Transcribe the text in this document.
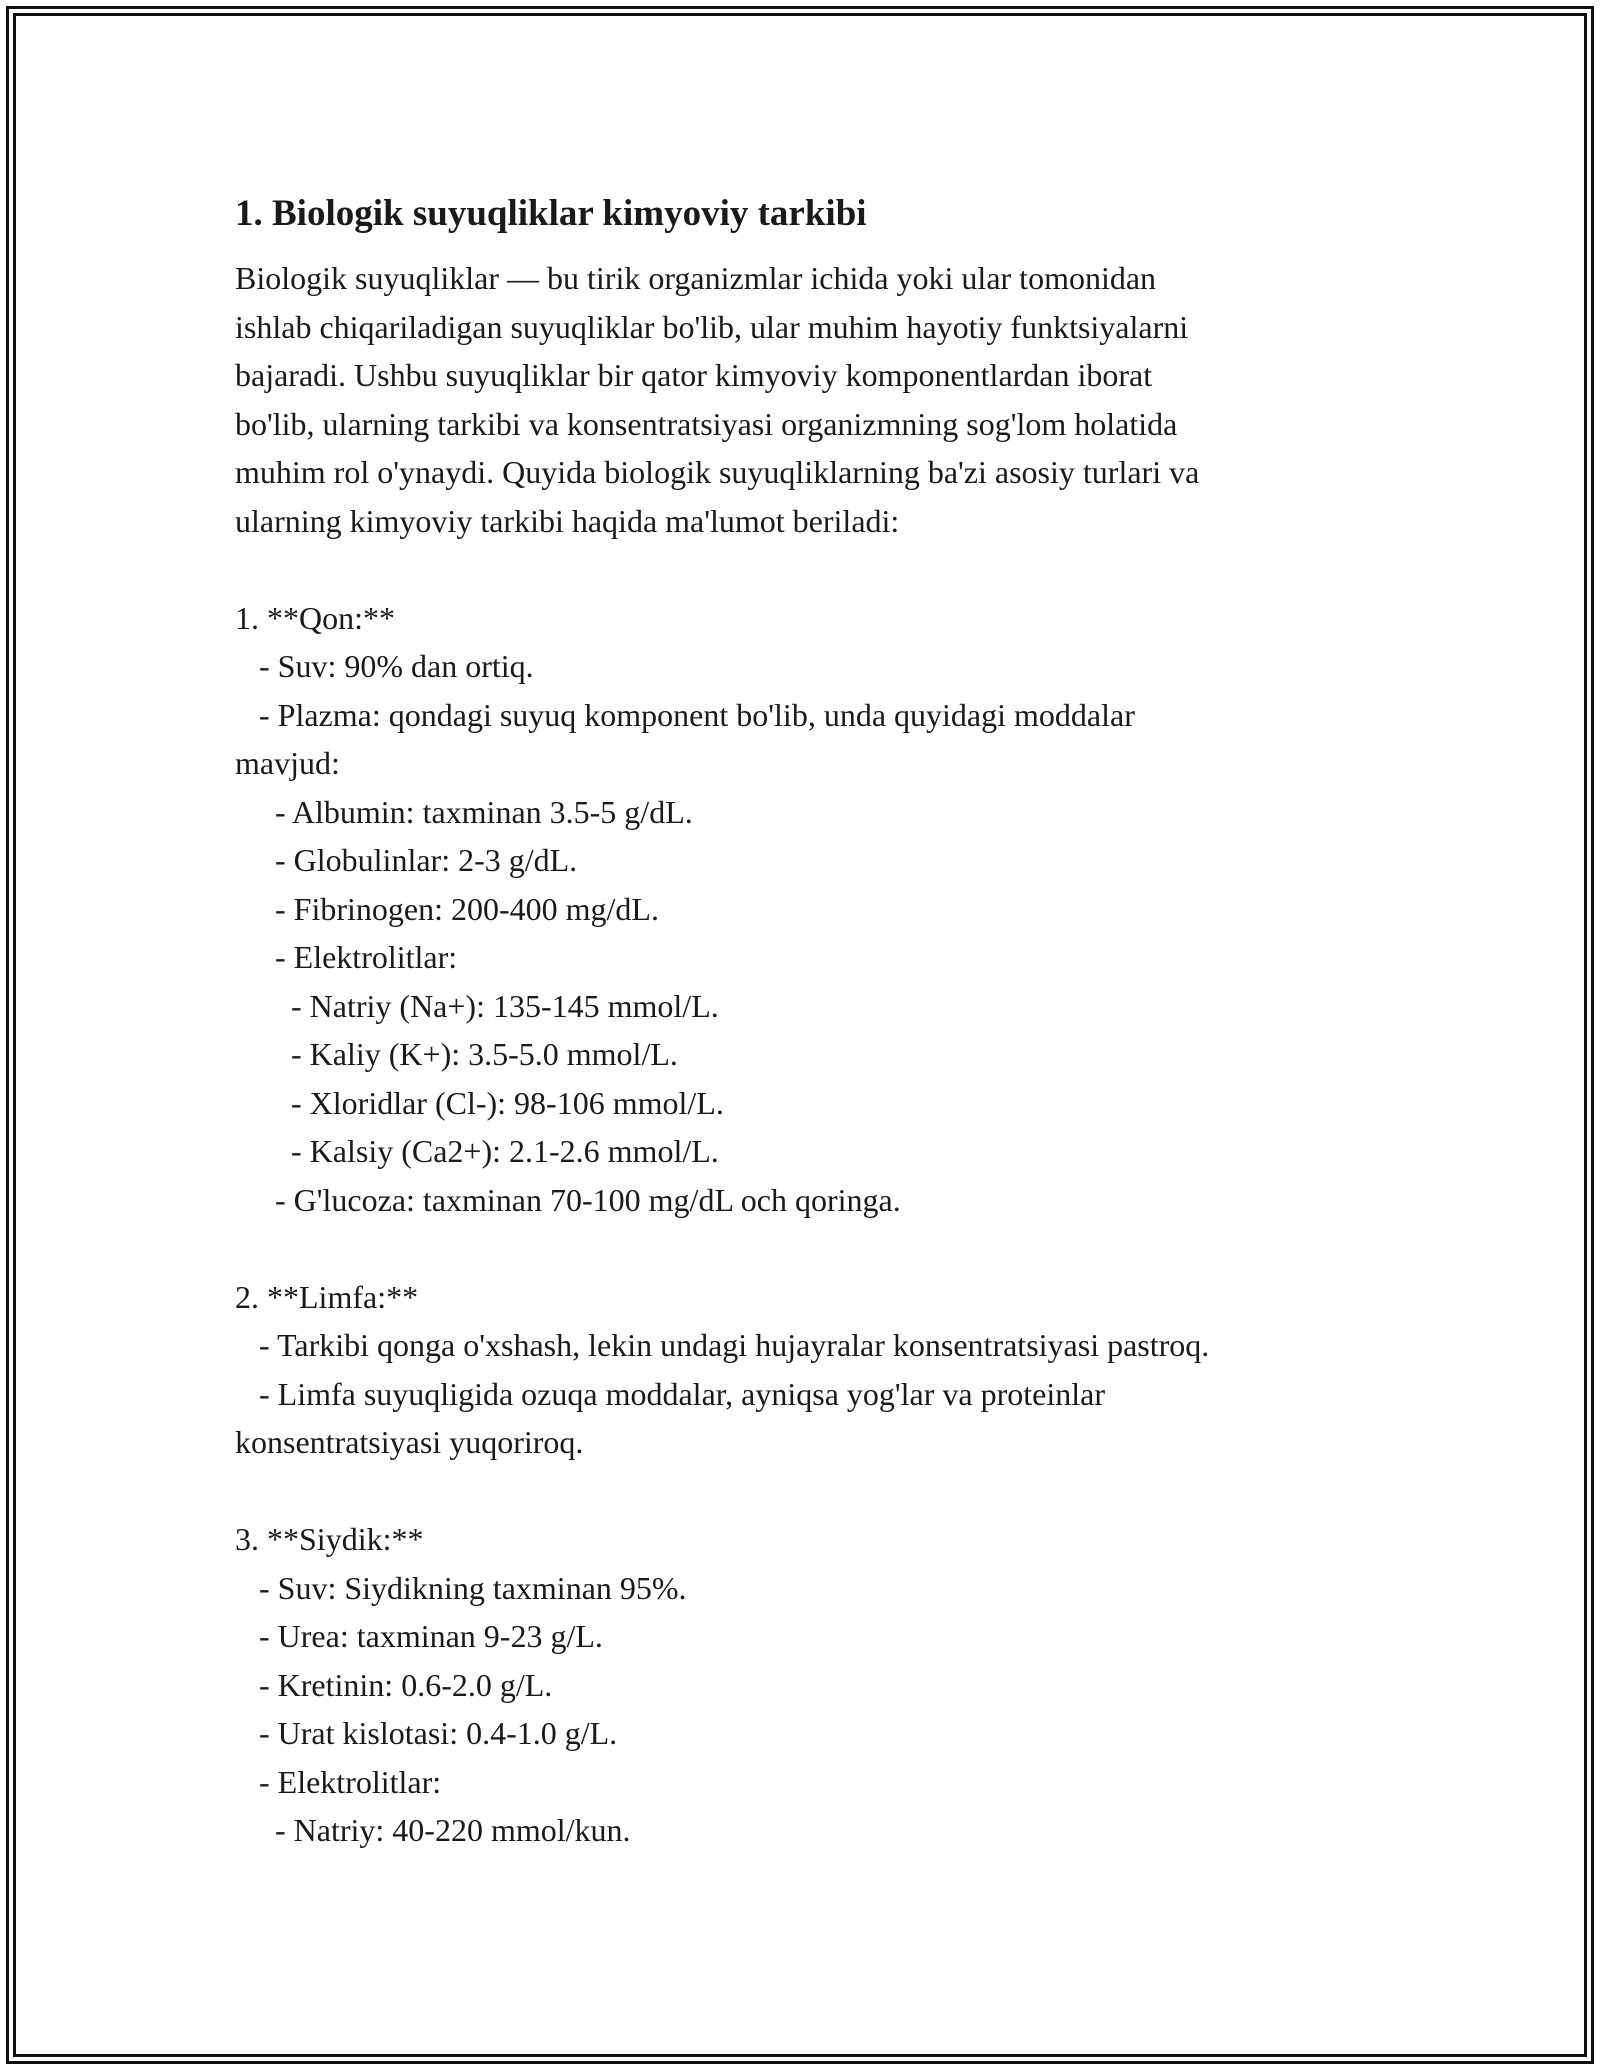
1. Biologik suyuqliklar kimyoviy tarkibi
Biologik suyuqliklar — bu tirik organizmlar ichida yoki ular tomonidan
ishlab chiqariladigan suyuqliklar bo'lib, ular muhim hayotiy funktsiyalarni
bajaradi. Ushbu suyuqliklar bir qator kimyoviy komponentlardan iborat
bo'lib, ularning tarkibi va konsentratsiyasi organizmning sog'lom holatida
muhim rol o'ynaydi. Quyida biologik suyuqliklarning ba'zi asosiy turlari va
ularning kimyoviy tarkibi haqida ma'lumot beriladi:
1. **Qon:**
- Suv: 90% dan ortiq.
- Plazma: qondagi suyuq komponent bo'lib, unda quyidagi moddalar
mavjud:
- Albumin: taxminan 3.5-5 g/dL.
- Globulinlar: 2-3 g/dL.
- Fibrinogen: 200-400 mg/dL.
- Elektrolitlar:
- Natriy (Na+): 135-145 mmol/L.
- Kaliy (K+): 3.5-5.0 mmol/L.
- Xloridlar (Cl-): 98-106 mmol/L.
- Kalsiy (Ca2+): 2.1-2.6 mmol/L.
- G'lucoza: taxminan 70-100 mg/dL och qoringa.
2. **Limfa:**
- Tarkibi qonga o'xshash, lekin undagi hujayralar konsentratsiyasi pastroq.
- Limfa suyuqligida ozuqa moddalar, ayniqsa yog'lar va proteinlar
konsentratsiyasi yuqoriroq.
3. **Siydik:**
- Suv: Siydikning taxminan 95%.
- Urea: taxminan 9-23 g/L.
- Kretinin: 0.6-2.0 g/L.
- Urat kislotasi: 0.4-1.0 g/L.
- Elektrolitlar:
- Natriy: 40-220 mmol/kun.
